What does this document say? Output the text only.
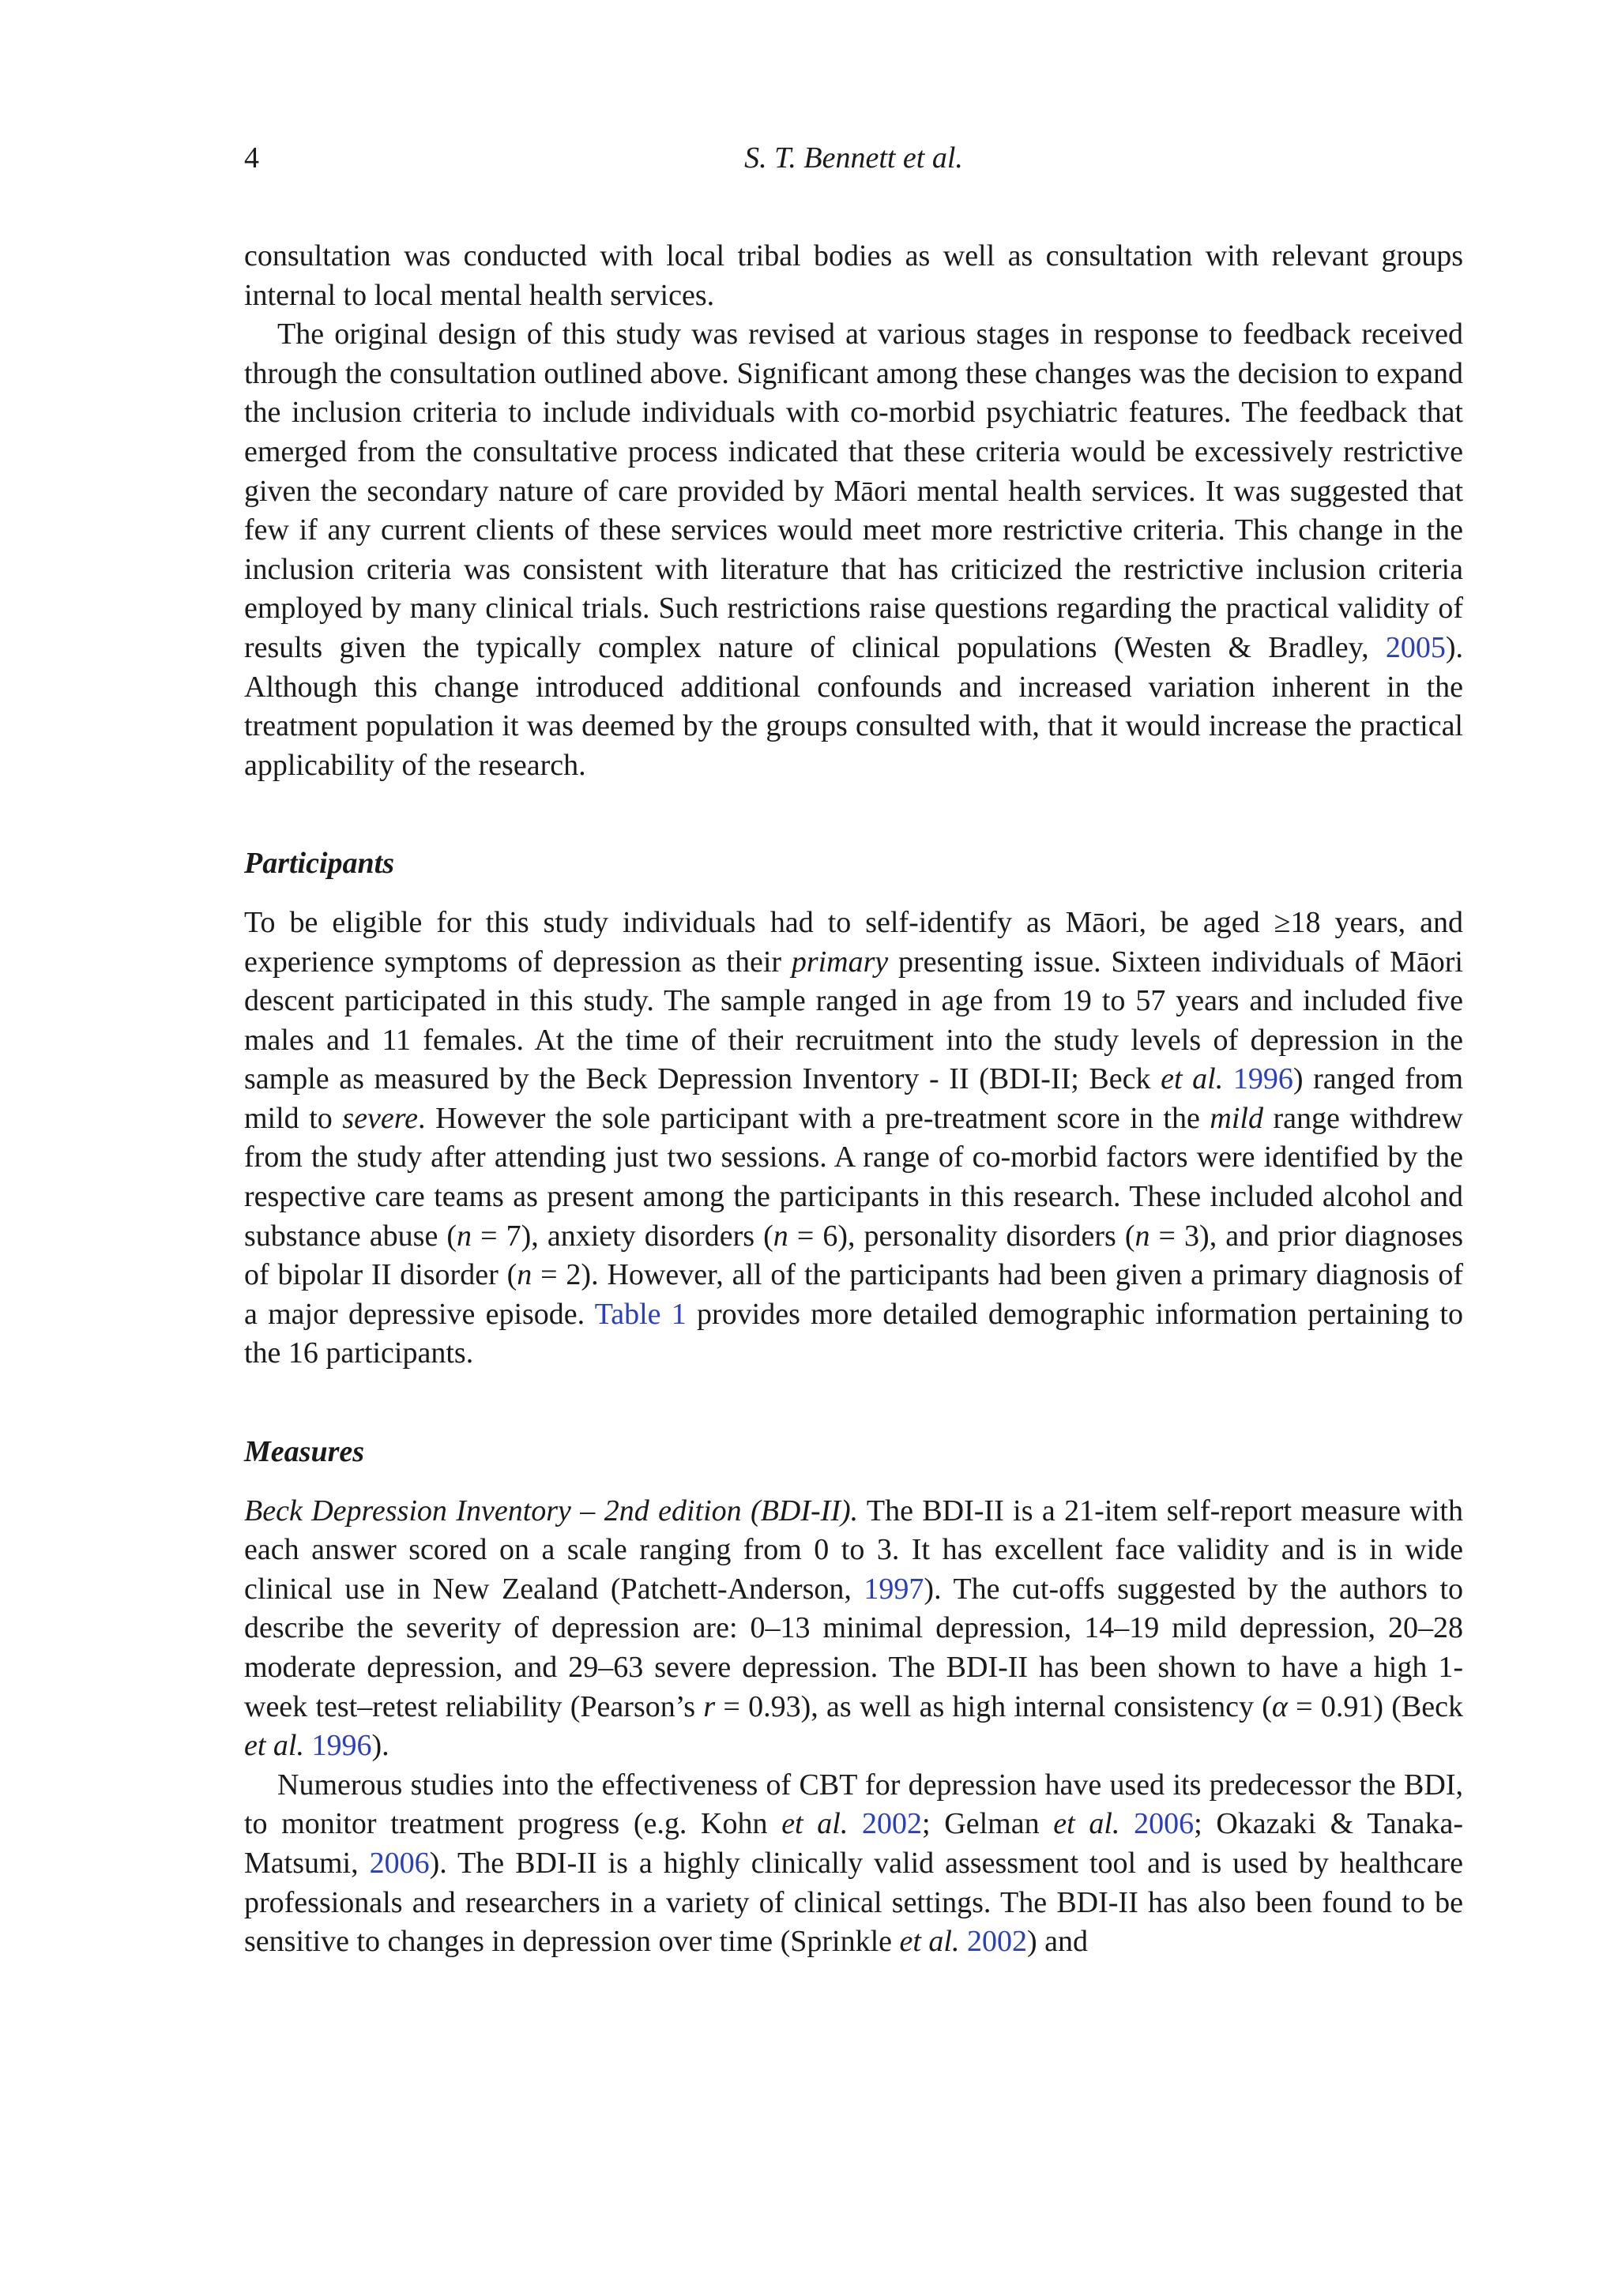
4	S. T. Bennett et al.

consultation was conducted with local tribal bodies as well as consultation with relevant groups internal to local mental health services.

The original design of this study was revised at various stages in response to feedback received through the consultation outlined above. Significant among these changes was the decision to expand the inclusion criteria to include individuals with co-morbid psychiatric features. The feedback that emerged from the consultative process indicated that these criteria would be excessively restrictive given the secondary nature of care provided by Māori mental health services. It was suggested that few if any current clients of these services would meet more restrictive criteria. This change in the inclusion criteria was consistent with literature that has criticized the restrictive inclusion criteria employed by many clinical trials. Such restrictions raise questions regarding the practical validity of results given the typically complex nature of clinical populations (Westen & Bradley, 2005). Although this change introduced additional confounds and increased variation inherent in the treatment population it was deemed by the groups consulted with, that it would increase the practical applicability of the research.

Participants

To be eligible for this study individuals had to self-identify as Māori, be aged ≥18 years, and experience symptoms of depression as their primary presenting issue. Sixteen individuals of Māori descent participated in this study. The sample ranged in age from 19 to 57 years and included five males and 11 females. At the time of their recruitment into the study levels of depression in the sample as measured by the Beck Depression Inventory - II (BDI-II; Beck et al. 1996) ranged from mild to severe. However the sole participant with a pre-treatment score in the mild range withdrew from the study after attending just two sessions. A range of co-morbid factors were identified by the respective care teams as present among the participants in this research. These included alcohol and substance abuse (n = 7), anxiety disorders (n = 6), personality disorders (n = 3), and prior diagnoses of bipolar II disorder (n = 2). However, all of the participants had been given a primary diagnosis of a major depressive episode. Table 1 provides more detailed demographic information pertaining to the 16 participants.

Measures

Beck Depression Inventory – 2nd edition (BDI-II). The BDI-II is a 21-item self-report measure with each answer scored on a scale ranging from 0 to 3. It has excellent face validity and is in wide clinical use in New Zealand (Patchett-Anderson, 1997). The cut-offs suggested by the authors to describe the severity of depression are: 0–13 minimal depression, 14–19 mild depression, 20–28 moderate depression, and 29–63 severe depression. The BDI-II has been shown to have a high 1-week test–retest reliability (Pearson’s r = 0.93), as well as high internal consistency (α = 0.91) (Beck et al. 1996).

Numerous studies into the effectiveness of CBT for depression have used its predecessor the BDI, to monitor treatment progress (e.g. Kohn et al. 2002; Gelman et al. 2006; Okazaki & Tanaka-Matsumi, 2006). The BDI-II is a highly clinically valid assessment tool and is used by healthcare professionals and researchers in a variety of clinical settings. The BDI-II has also been found to be sensitive to changes in depression over time (Sprinkle et al. 2002) and
